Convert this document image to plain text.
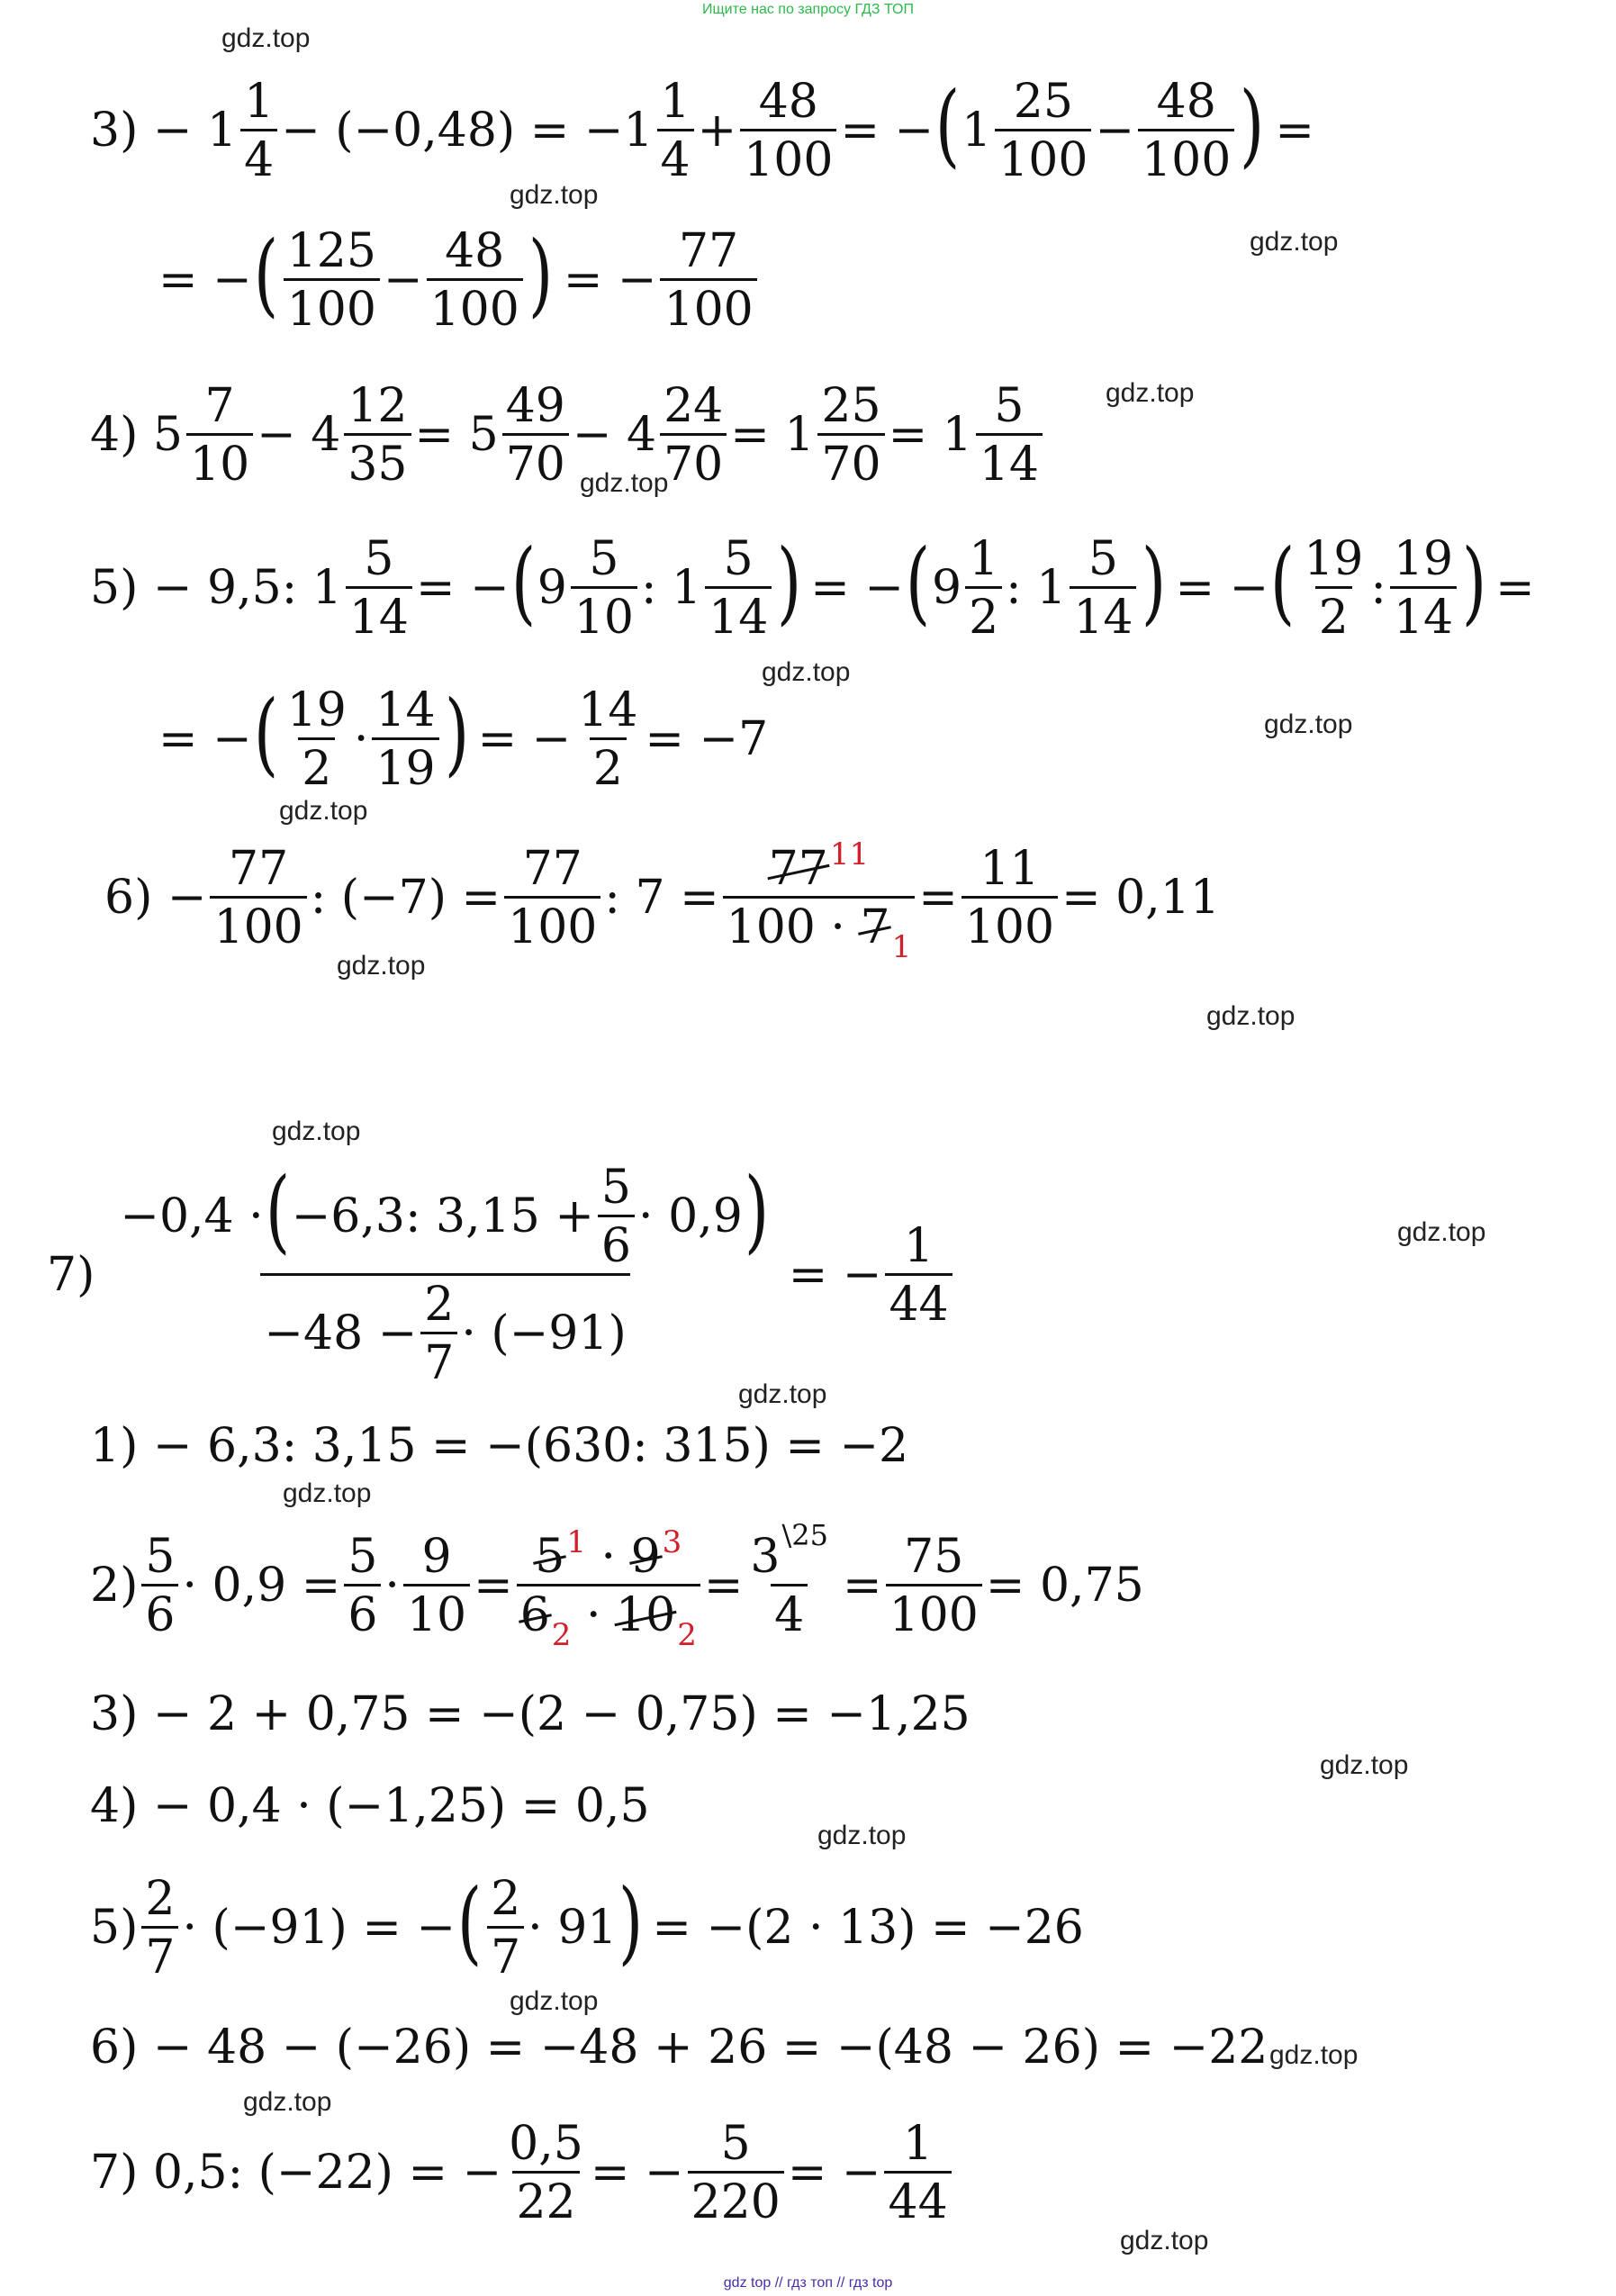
Ищите нас по запросу ГДЗ ТОП
gdz.top
gdz.top
gdz.top
gdz.top
gdz.top
gdz.top
gdz.top
gdz.top
gdz.top
gdz.top
gdz.top
gdz.top
gdz.top
gdz.top
gdz.top
gdz.top
gdz.top
gdz.top
gdz.top
gdz.top
$3) - 1 \frac{1}{4} - (-0,48) = -1 \frac{1}{4} + \frac{48}{100}$ = − ( $1 \frac{25}{100} - \frac{48}{100}$ ) =
= − ( $\frac{125}{100} - \frac{48}{100}$ ) = − $\frac{77}{100}$
4) $5 \frac{7}{10} - 4 \frac{12}{35} = 5 \frac{49}{70} - 4 \frac{24}{70} = 1 \frac{25}{70} = 1 \frac{5}{14}$
5) − 9,5: $1 \frac{5}{14}$ = − ( $9 \frac{5}{10}$ : $1 \frac{5}{14}$ ) = − ( $9 \frac{1}{2}$ : $1 \frac{5}{14}$ ) = − ( $\frac{19}{2}$ : $\frac{19}{14}$ ) =
= − ( $\frac{19}{2} \cdot \frac{14}{19}$ ) = − $\frac{14}{2} = -7$
$6) - \frac{77}{100}$ : $(-7) = \frac{77}{100}$ : $7 = \frac{77^{11}}{100 \cdot 7_1} = \frac{11}{100} = 0,11$
7)
−0,4 · ( −6,3: $3,15 + \frac{5}{6} \cdot 0,9$ )
$-48 - \frac{2}{7} \cdot (-91)$
= − $\frac{1}{44}$
1) − 6,3: 3,15 = −(630: 315) = −2
$2) \frac{5}{6} \cdot 0,9 = \frac{5}{6} \cdot \frac{9}{10} = \frac{5^1 \cdot 9^3}{6_2 \cdot 10_2} = \frac{3^{\backslash 25}}{4} = \frac{75}{100} = 0,75$
3) − 2 + 0,75 = −(2 − 0,75) = −1,25
4) − 0,4 · (−1,25) = 0,5
$5) \frac{2}{7} \cdot (-91)$ = − ( $\frac{2}{7} \cdot 91$ ) = −(2 · 13) = −26
6) − 48 − (−26) = −48 + 26 = −(48 − 26) = −22
7) 0,5: (−22) = − $\frac{0,5}{22}$ = − $\frac{5}{220}$ = − $\frac{1}{44}$
gdz top // гдз топ // гдз top
